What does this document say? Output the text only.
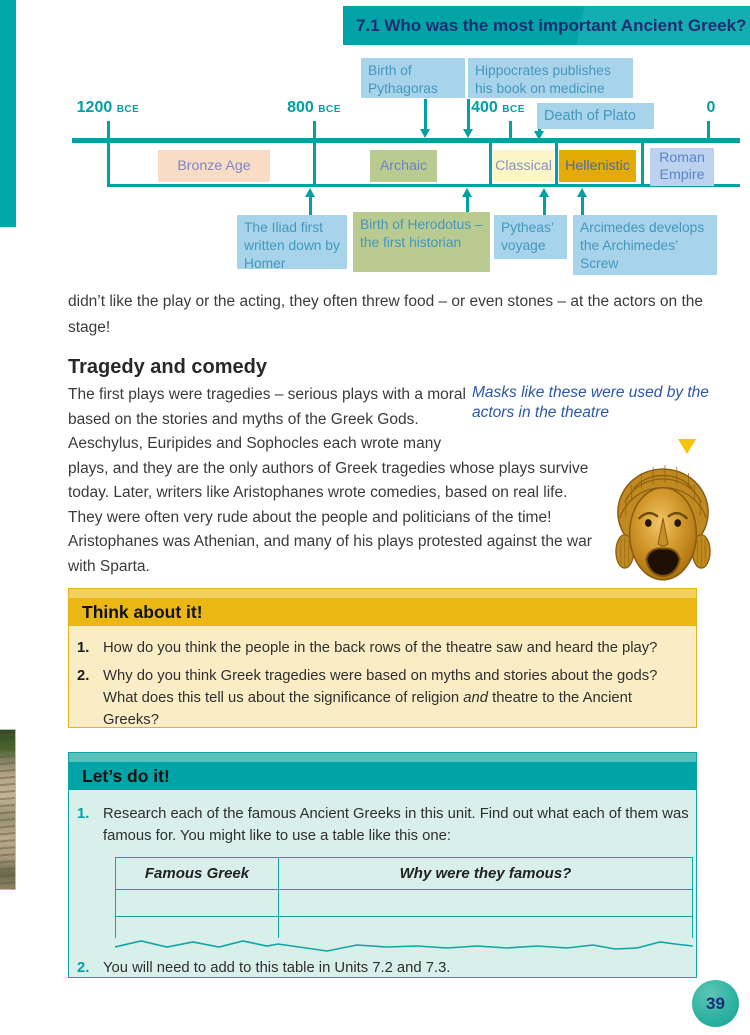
7.1 Who was the most important Ancient Greek?
Birth of Pythagoras
Hippocrates publishes his book on medicine
Death of Plato
1200 BCE	800 BCE	400 BCE	0
Bronze Age	Archaic	Classical Hellenistic	Roman Empire
The Iliad first written down by Homer
Birth of Herodotus – the first historian
Pytheas’ voyage
Arcimedes develops the Archimedes’ Screw
didn’t like the play or the acting, they often threw food – or even stones – at the actors on the stage!
Tragedy and comedy
Masks like these were used by the actors in the theatre
The first plays were tragedies – serious plays with a moral based on the stories and myths of the Greek Gods. Aeschylus, Euripides and Sophocles each wrote many plays, and they are the only authors of Greek tragedies whose plays survive today. Later, writers like Aristophanes wrote comedies, based on real life. They were often very rude about the people and politicians of the time! Aristophanes was Athenian, and many of his plays protested against the war with Sparta.
Think about it!
1. How do you think the people in the back rows of the theatre saw and heard the play?
2. Why do you think Greek tragedies were based on myths and stories about the gods? What does this tell us about the significance of religion and theatre to the Ancient Greeks?
Let’s do it!
1. Research each of the famous Ancient Greeks in this unit. Find out what each of them was famous for. You might like to use a table like this one:
Famous Greek	Why were they famous?
2. You will need to add to this table in Units 7.2 and 7.3.
39
